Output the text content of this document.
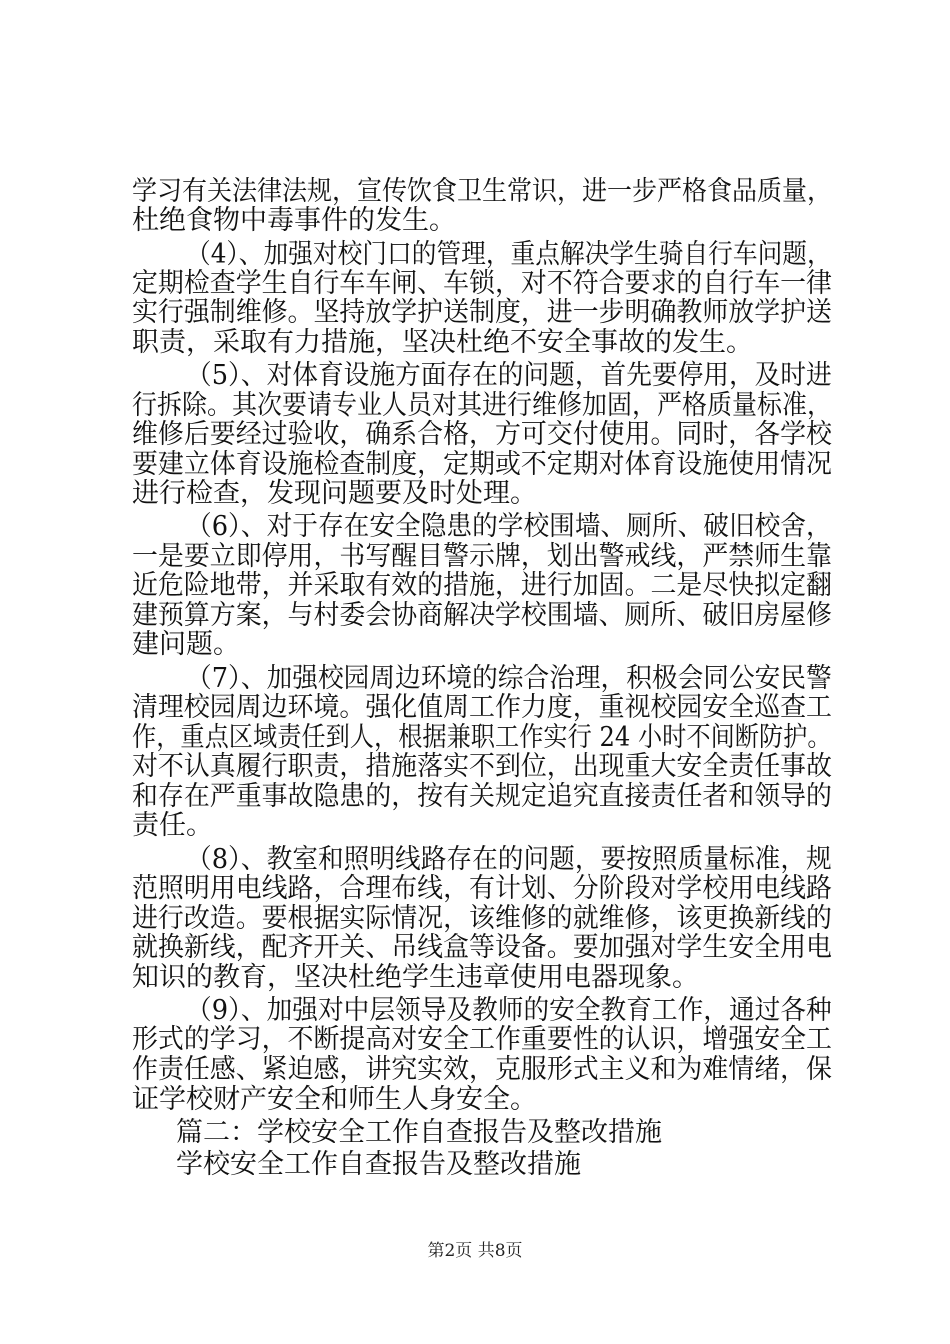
学习有关法律法规，宣传饮食卫生常识，进一步严格食品质量，
杜绝食物中毒事件的发生。
（4）、加强对校门口的管理，重点解决学生骑自行车问题，
定期检查学生自行车车闸、车锁，对不符合要求的自行车一律
实行强制维修。坚持放学护送制度，进一步明确教师放学护送
职责，采取有力措施，坚决杜绝不安全事故的发生。
（5）、对体育设施方面存在的问题，首先要停用，及时进
行拆除。其次要请专业人员对其进行维修加固，严格质量标准，
维修后要经过验收，确系合格，方可交付使用。同时，各学校
要建立体育设施检查制度，定期或不定期对体育设施使用情况
进行检查，发现问题要及时处理。
（6）、对于存在安全隐患的学校围墙、厕所、破旧校舍，
一是要立即停用，书写醒目警示牌，划出警戒线，严禁师生靠
近危险地带，并采取有效的措施，进行加固。二是尽快拟定翻
建预算方案，与村委会协商解决学校围墙、厕所、破旧房屋修
建问题。
（7）、加强校园周边环境的综合治理，积极会同公安民警
清理校园周边环境。强化值周工作力度，重视校园安全巡查工
作，重点区域责任到人，根据兼职工作实行 24 小时不间断防护。
对不认真履行职责，措施落实不到位，出现重大安全责任事故
和存在严重事故隐患的，按有关规定追究直接责任者和领导的
责任。
（8）、教室和照明线路存在的问题，要按照质量标准，规
范照明用电线路，合理布线，有计划、分阶段对学校用电线路
进行改造。要根据实际情况，该维修的就维修，该更换新线的
就换新线，配齐开关、吊线盒等设备。要加强对学生安全用电
知识的教育，坚决杜绝学生违章使用电器现象。
（9）、加强对中层领导及教师的安全教育工作，通过各种
形式的学习，不断提高对安全工作重要性的认识，增强安全工
作责任感、紧迫感，讲究实效，克服形式主义和为难情绪，保
证学校财产安全和师生人身安全。
篇二：学校安全工作自查报告及整改措施
学校安全工作自查报告及整改措施
第2页 共8页
